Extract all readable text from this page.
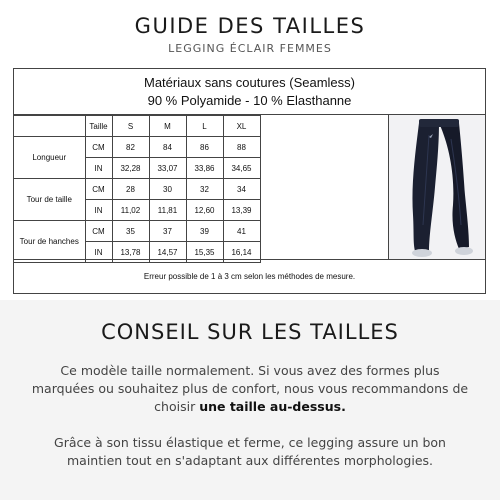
GUIDE DES TAILLES
LEGGING ÉCLAIR FEMMES
Matériaux sans coutures (Seamless)
90 % Polyamide - 10 % Elasthanne
	Taille	S	M	L	XL
Longueur	CM	82	84	86	88
	IN	32,28	33,07	33,86	34,65
Tour de taille	CM	28	30	32	34
	IN	11,02	11,81	12,60	13,39
Tour de hanches	CM	35	37	39	41
	IN	13,78	14,57	15,35	16,14
Erreur possible de 1 à 3 cm selon les méthodes de mesure.
CONSEIL SUR LES TAILLES
Ce modèle taille normalement. Si vous avez des formes plus marquées ou souhaitez plus de confort, nous vous recommandons de choisir une taille au-dessus.
Grâce à son tissu élastique et ferme, ce legging assure un bon maintien tout en s'adaptant aux différentes morphologies.
